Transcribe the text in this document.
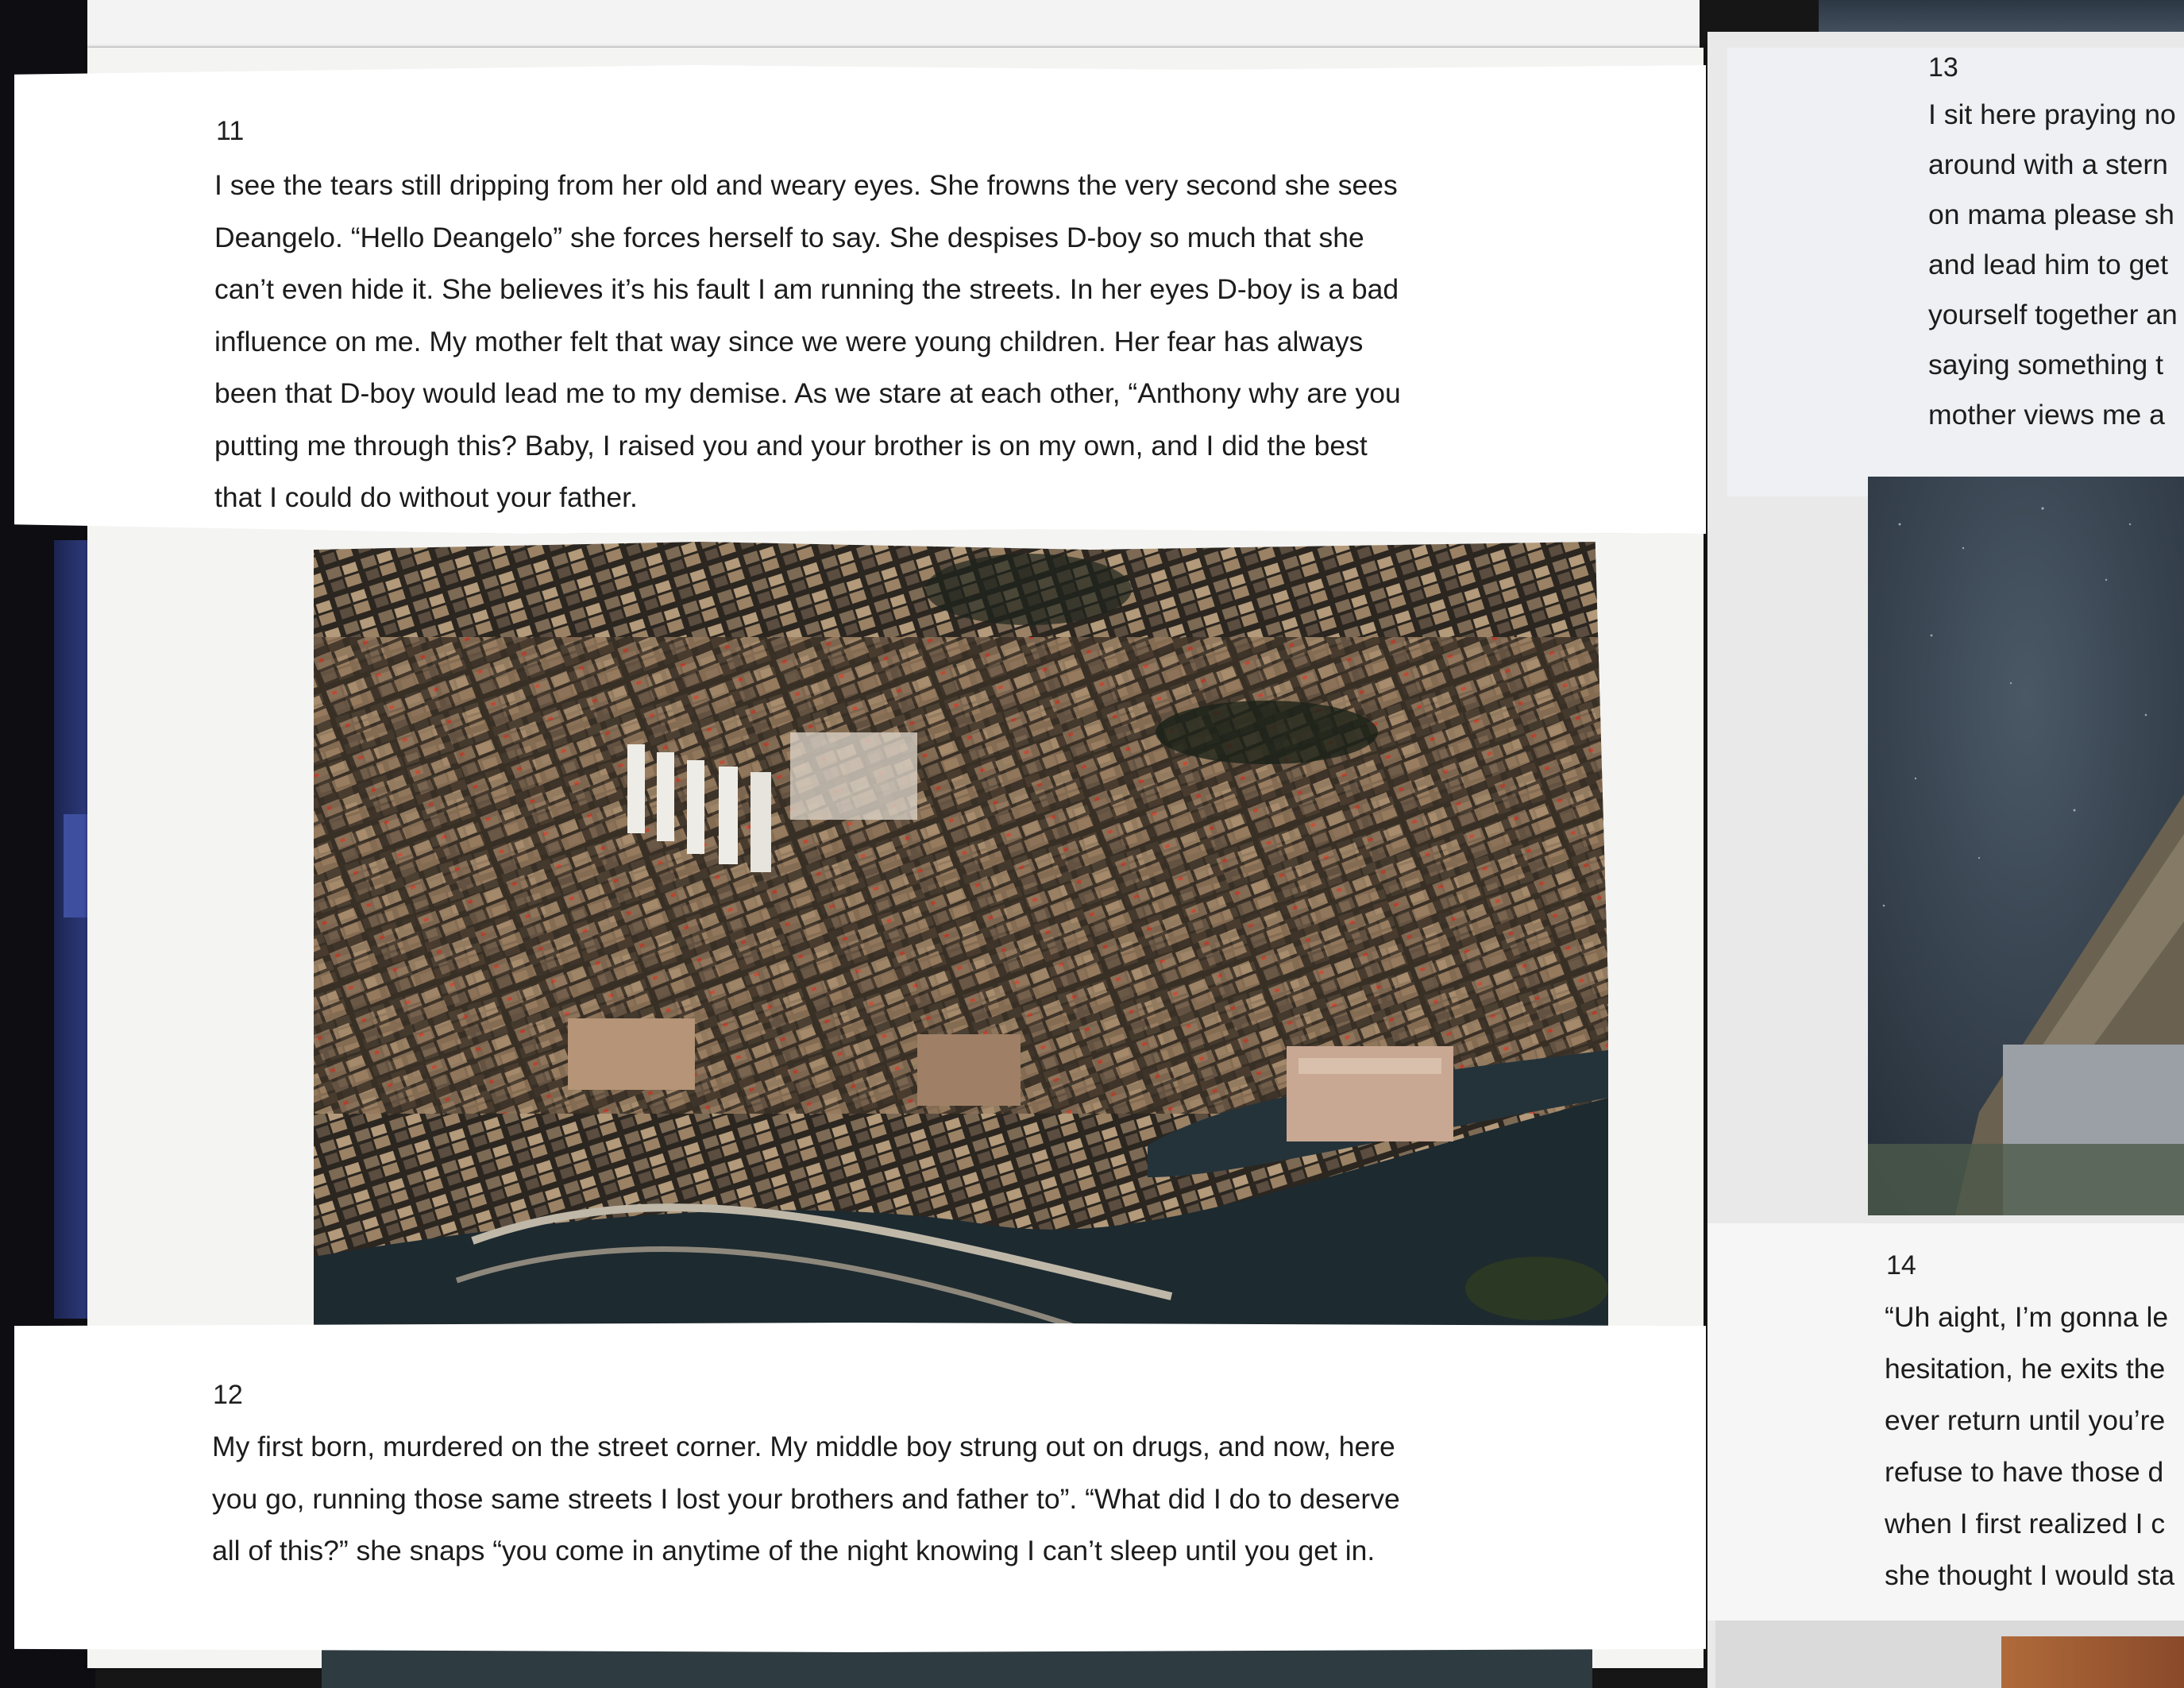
11
I see the tears still dripping from her old and weary eyes. She frowns the very second she sees
Deangelo. “Hello Deangelo” she forces herself to say. She despises D-boy so much that she
can’t even hide it. She believes it’s his fault I am running the streets. In her eyes D-boy is a bad
influence on me. My mother felt that way since we were young children. Her fear has always
been that D-boy would lead me to my demise. As we stare at each other, “Anthony why are you
putting me through this? Baby, I raised you and your brother is on my own, and I did the best
that I could do without your father.
12
My first born, murdered on the street corner. My middle boy strung out on drugs, and now, here
you go, running those same streets I lost your brothers and father to”. “What did I do to deserve
all of this?” she snaps “you come in anytime of the night knowing I can’t sleep until you get in.
13
I sit here praying no
around with a stern
on mama please sh
and lead him to get
yourself together an
saying something t
mother views me a
14
“Uh aight, I’m gonna le
hesitation, he exits the
ever return until you’re
refuse to have those d
when I first realized I c
she thought I would sta
